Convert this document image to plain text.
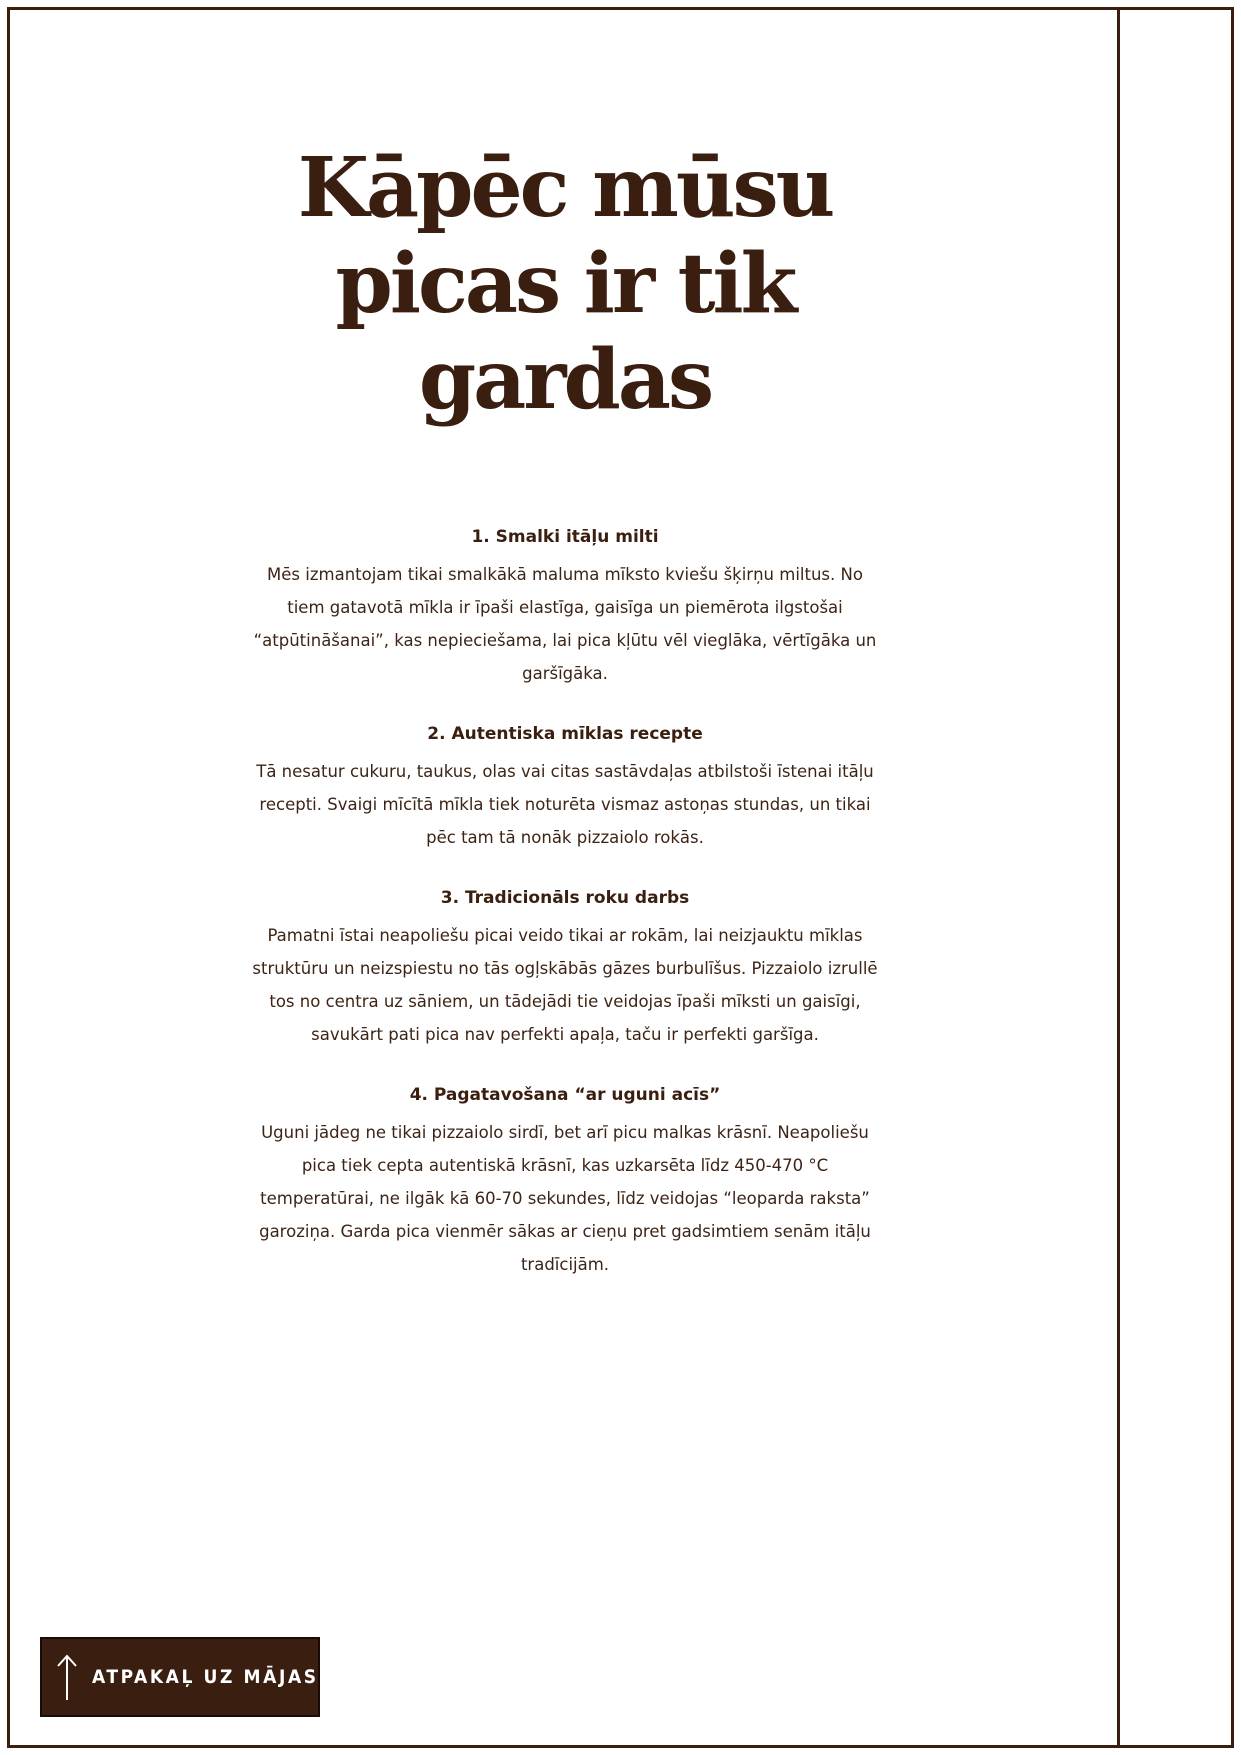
Kāpēc mūsu
picas ir tik
gardas
1. Smalki itāļu milti

Mēs izmantojam tikai smalkākā maluma mīksto kviešu šķirņu miltus. No tiem gatavotā mīkla ir īpaši elastīga, gaisīga un piemērota ilgstošai “atpūtināšanai”, kas nepieciešama, lai pica kļūtu vēl vieglāka, vērtīgāka un garšīgāka.

2. Autentiska mīklas recepte

Tā nesatur cukuru, taukus, olas vai citas sastāvdaļas atbilstoši īstenai itāļu recepti. Svaigi mīcītā mīkla tiek noturēta vismaz astoņas stundas, un tikai pēc tam tā nonāk pizzaiolo rokās.

3. Tradicionāls roku darbs

Pamatni īstai neapoliešu picai veido tikai ar rokām, lai neizjauktu mīklas struktūru un neizspiestu no tās ogļskābās gāzes burbulīšus. Pizzaiolo izrullē tos no centra uz sāniem, un tādejādi tie veidojas īpaši mīksti un gaisīgi, savukārt pati pica nav perfekti apaļa, taču ir perfekti garšīga.

4. Pagatavošana “ar uguni acīs”

Uguni jādeg ne tikai pizzaiolo sirdī, bet arī picu malkas krāsnī. Neapoliešu pica tiek cepta autentiskā krāsnī, kas uzkarsēta līdz 450-470 °C temperatūrai, ne ilgāk kā 60-70 sekundes, līdz veidojas “leoparda raksta” garoziņa. Garda pica vienmēr sākas ar cieņu pret gadsimtiem senām itāļu tradīcijām.

ATPAKAĻ UZ MĀJASLAPU
